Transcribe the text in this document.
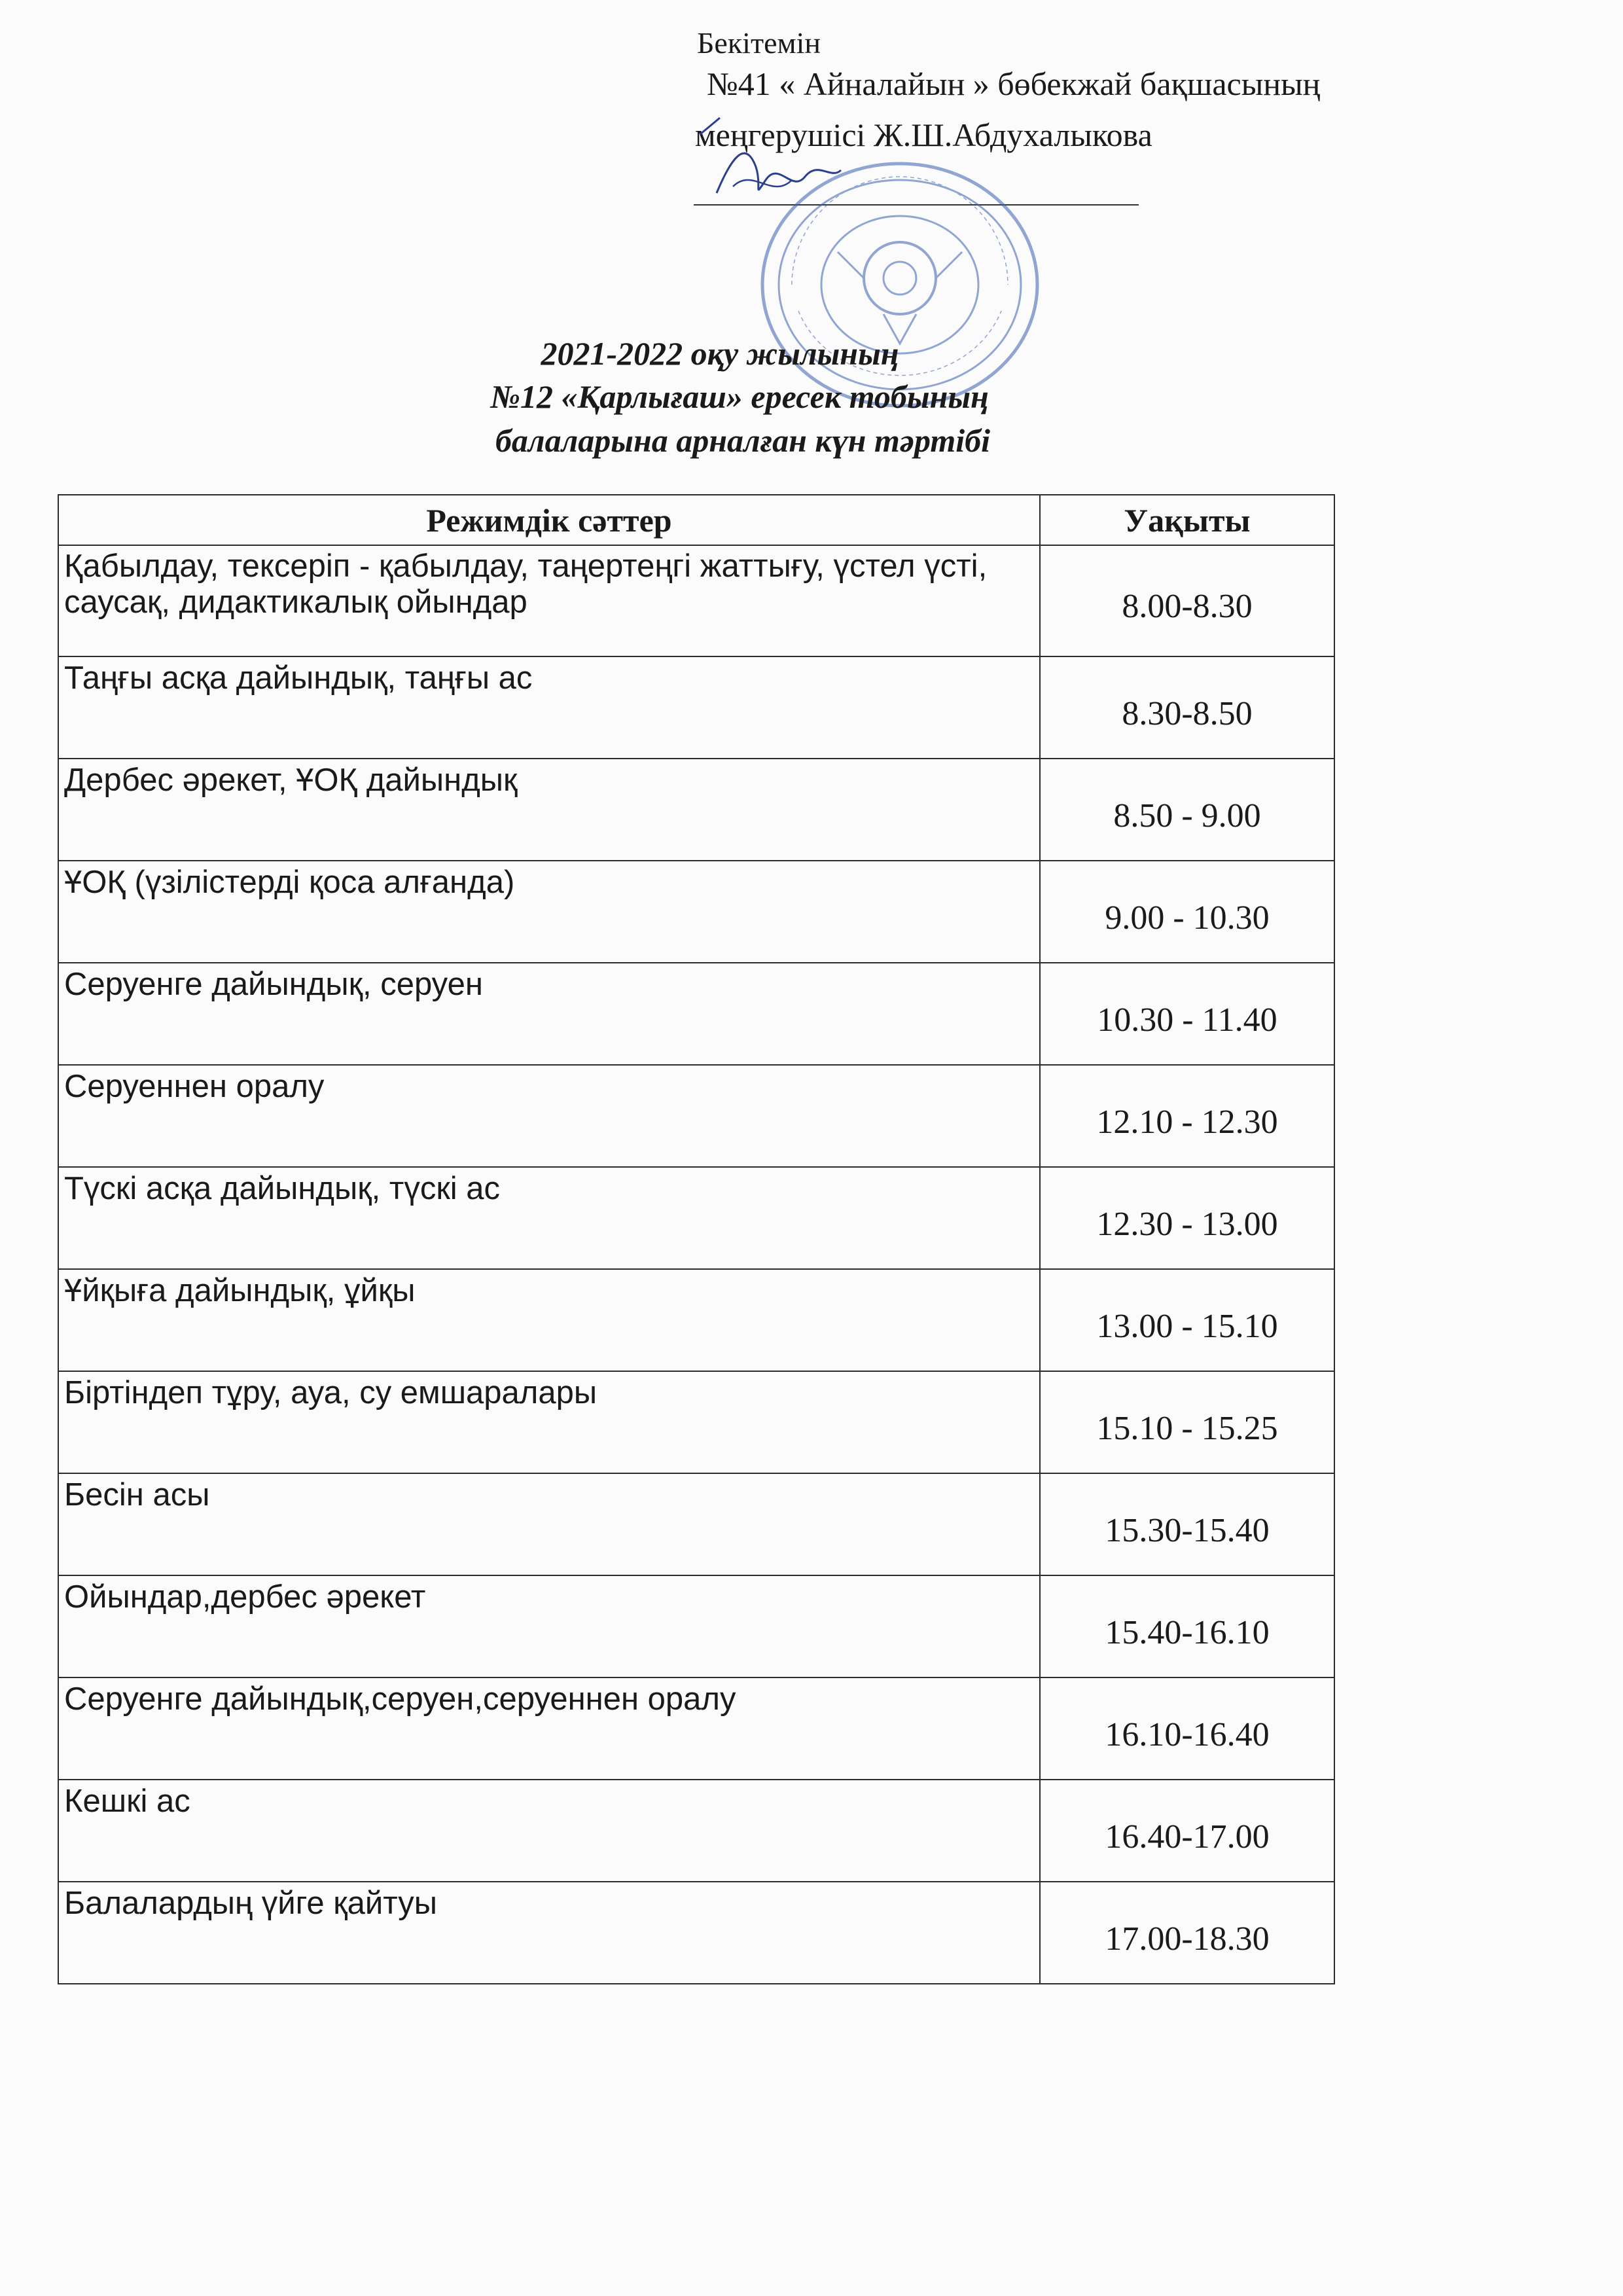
Бекітемін
№41 « Айналайын » бөбекжай бақшасының
меңгерушісі Ж.Ш.Абдухалыкова
2021-2022 оқу жылының
№12 «Қарлығаш» ересек тобының
балаларына арналған күн тәртібі
Режимдік сәттер	Уақыты
Қабылдау, тексеріп - қабылдау, таңертеңгі жаттығу, үстел үсті, саусақ, дидактикалық ойындар	8.00-8.30
Таңғы асқа дайындық, таңғы ас	8.30-8.50
Дербес әрекет, ҰОҚ дайындық	8.50 - 9.00
ҰОҚ (үзілістерді қоса алғанда)	9.00 - 10.30
Серуенге дайындық, серуен	10.30 - 11.40
Серуеннен оралу	12.10 - 12.30
Түскі асқа дайындық, түскі ас	12.30 - 13.00
Ұйқыға дайындық, ұйқы	13.00 - 15.10
Біртіндеп тұру, ауа, су емшаралары	15.10 - 15.25
Бесін асы	15.30-15.40
Ойындар,дербес әрекет	15.40-16.10
Серуенге дайындық,серуен,серуеннен оралу	16.10-16.40
Кешкі ас	16.40-17.00
Балалардың үйге қайтуы	17.00-18.30
